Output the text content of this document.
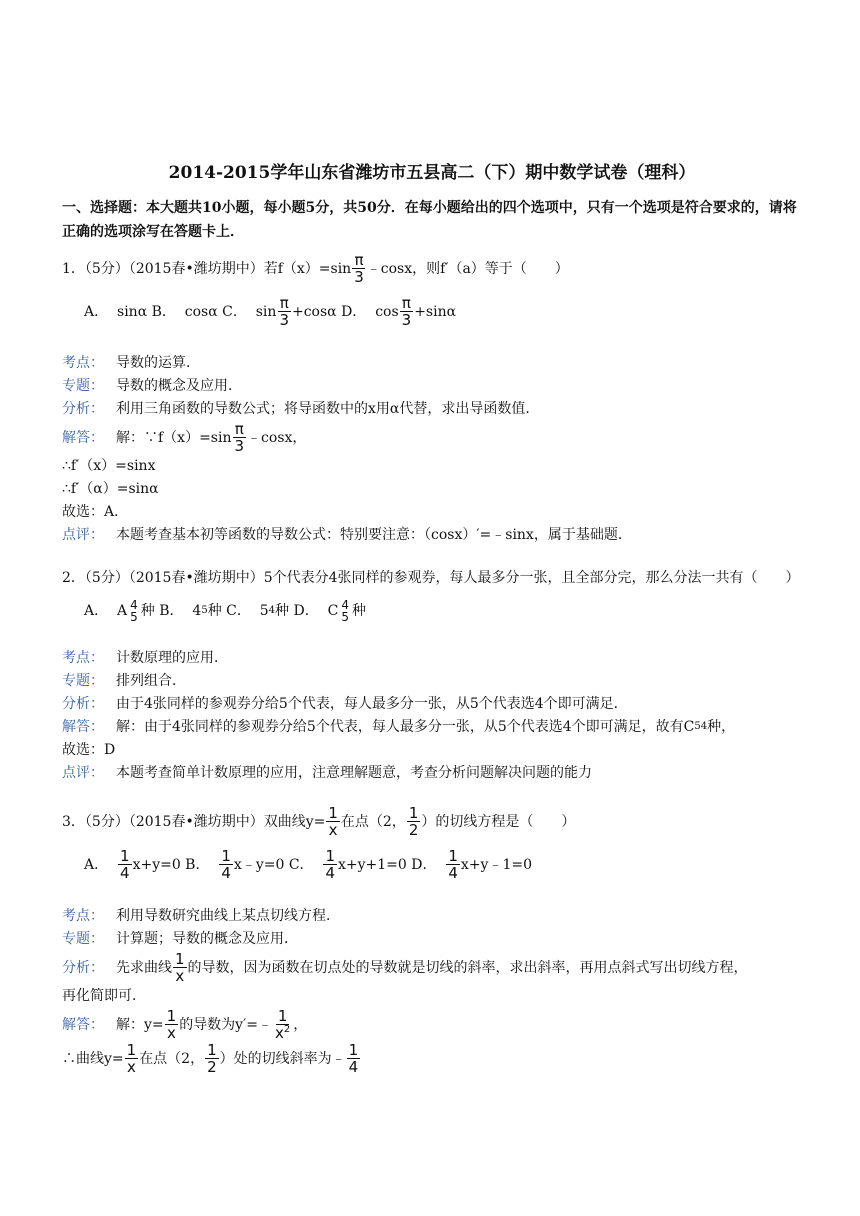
2014-2015学年山东省潍坊市五县高二（下）期中数学试卷（理科）
一、选择题：本大题共10小题，每小题5分，共50分．在每小题给出的四个选项中，只有一个选项是符合要求的，请将正确的选项涂写在答题卡上．
1．（5分）（2015春•潍坊期中）若$f(x)=\sin \frac{\pi}{3}$ ﹣cosx，则f′（a）等于（　　）
A．  sinα B．  cosα C．  $\sin \frac{\pi}{3} +\cos\alpha$ D．  $\cos \frac{\pi}{3} +\sin\alpha$
考点： 导数的运算．
专题： 导数的概念及应用．
分析： 利用三角函数的导数公式；将导函数中的x用α代替，求出导函数值．
解答： 解：∵f（x）=sin $\frac{\pi}{3}$ ﹣cosx，
∴f′（x）=sinx
∴f′（α）=sinα
故选：A．
点评： 本题考查基本初等函数的导数公式：特别要注意：（cosx）′=﹣sinx，属于基础题．
2．（5分）（2015春•潍坊期中）5个代表分4张同样的参观券，每人最多分一张，且全部分完，那么分法一共有（　　）
A．  A 4
5 种 B．  4 5 种 C．  5 4 种 D．  C 4
5 种
考点： 计数原理的应用．
专题： 排列组合．
分析： 由于4张同样的参观券分给5个代表，每人最多分一张，从5个代表选4个即可满足．
解答： 解：由于4张同样的参观券分给5个代表，每人最多分一张，从5个代表选4个即可满足，故有C 5 4 种，
故选：D
点评： 本题考查简单计数原理的应用，注意理解题意，考查分析问题解决问题的能力
3．（5分）（2015春•潍坊期中）双曲线$y= \frac{1}{x}$ 在点（2， $\frac{1}{2}$ ）的切线方程是（　　）
A． $\frac{1}{4} x+y=0$ B． $\frac{1}{4}$ x﹣y=0 C． $\frac{1}{4} x+y+1=0$ D． $\frac{1}{4}$ x+y﹣1=0
考点： 利用导数研究曲线上某点切线方程．
专题： 计算题；导数的概念及应用．
分析： 先求曲线 $\frac{1}{x}$ 的导数，因为函数在切点处的导数就是切线的斜率，求出斜率，再用点斜式写出切线方程，
再化简即可．
解答： 解：$y= \frac{1}{x}$ 的导数为y′=﹣ $\frac{1}{x^2}$ ，
∴曲线$y= \frac{1}{x}$ 在点（2， $\frac{1}{2}$ ）处的切线斜率为﹣ $\frac{1}{4}$
